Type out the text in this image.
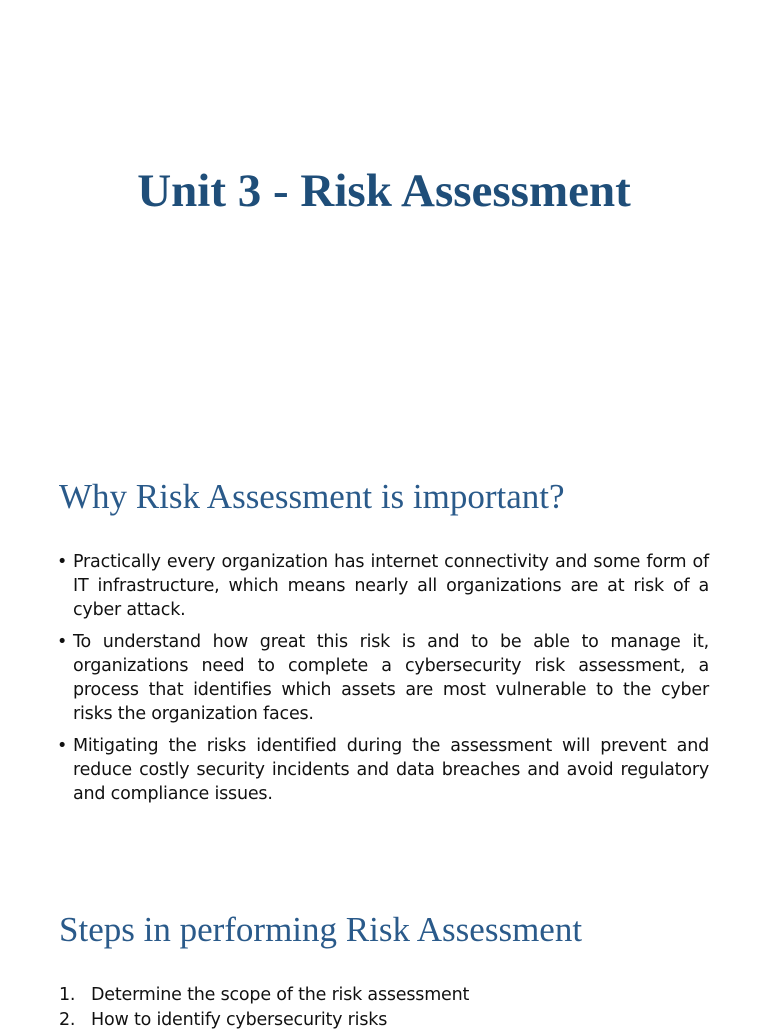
Unit 3 - Risk Assessment
Why Risk Assessment is important?
• Practically every organization has internet connectivity and some form of IT infrastructure, which means nearly all organizations are at risk of a cyber attack.
• To understand how great this risk is and to be able to manage it, organizations need to complete a cybersecurity risk assessment, a process that identifies which assets are most vulnerable to the cyber risks the organization faces.
• Mitigating the risks identified during the assessment will prevent and reduce costly security incidents and data breaches and avoid regulatory and compliance issues.
Steps in performing Risk Assessment
1. Determine the scope of the risk assessment
2. How to identify cybersecurity risks
